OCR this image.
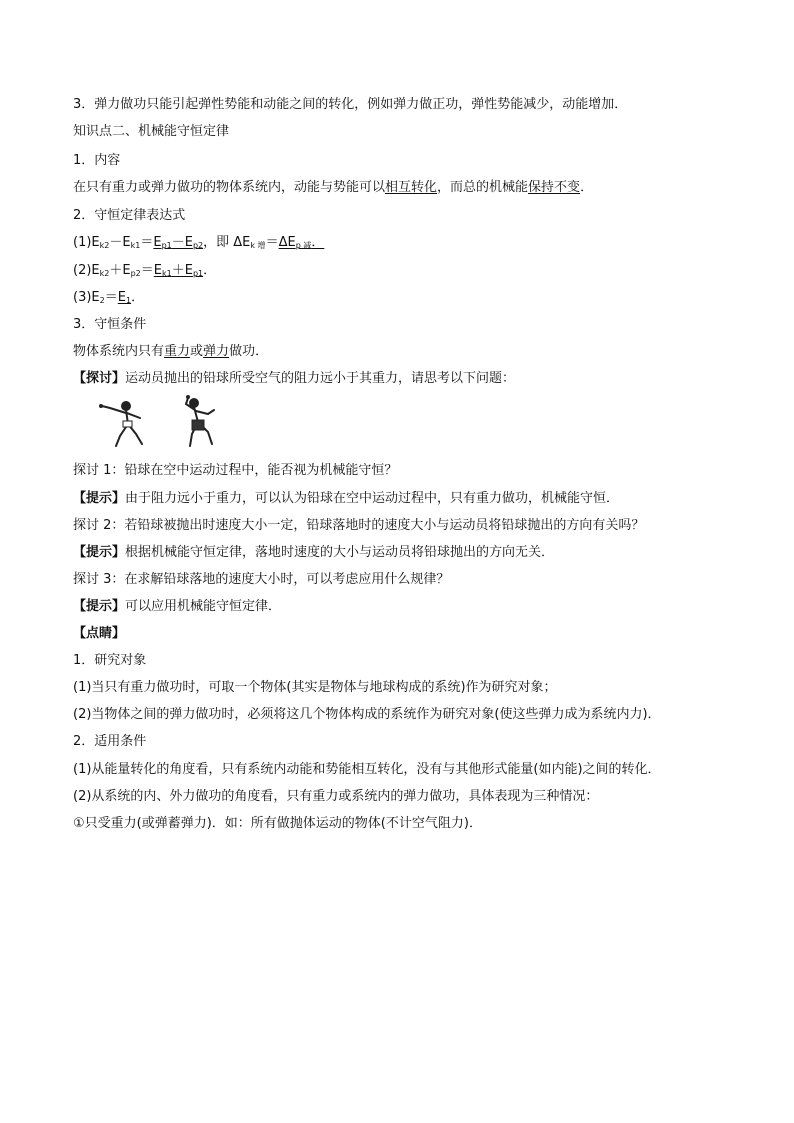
3．弹力做功只能引起弹性势能和动能之间的转化，例如弹力做正功，弹性势能减少，动能增加．
知识点二、机械能守恒定律
1．内容
在只有重力或弹力做功的物体系统内，动能与势能可以相互转化，而总的机械能保持不变．
2．守恒定律表达式
$(1)E_{k2}-E_{k1}=E_{p1}-E_{p2}$，即 $\Delta E_{k 增}=\Delta E_{p 减}$．
$(2)E_{k2}+E_{p2}=E_{k1}+E_{p1}$．
$(3)E_2=E_1$．
3．守恒条件
物体系统内只有重力或弹力做功．
【探讨】运动员抛出的铅球所受空气的阻力远小于其重力，请思考以下问题：
探讨 1：铅球在空中运动过程中，能否视为机械能守恒？
【提示】由于阻力远小于重力，可以认为铅球在空中运动过程中，只有重力做功，机械能守恒．
探讨 2：若铅球被抛出时速度大小一定，铅球落地时的速度大小与运动员将铅球抛出的方向有关吗？
【提示】根据机械能守恒定律，落地时速度的大小与运动员将铅球抛出的方向无关．
探讨 3：在求解铅球落地的速度大小时，可以考虑应用什么规律？
【提示】可以应用机械能守恒定律．
【点睛】
1．研究对象
(1)当只有重力做功时，可取一个物体(其实是物体与地球构成的系统)作为研究对象；
(2)当物体之间的弹力做功时，必须将这几个物体构成的系统作为研究对象(使这些弹力成为系统内力)．
2．适用条件
(1)从能量转化的角度看，只有系统内动能和势能相互转化，没有与其他形式能量(如内能)之间的转化．
(2)从系统的内、外力做功的角度看，只有重力或系统内的弹力做功，具体表现为三种情况：
①只受重力(或弹蓄弹力)．如：所有做抛体运动的物体(不计空气阻力)．
